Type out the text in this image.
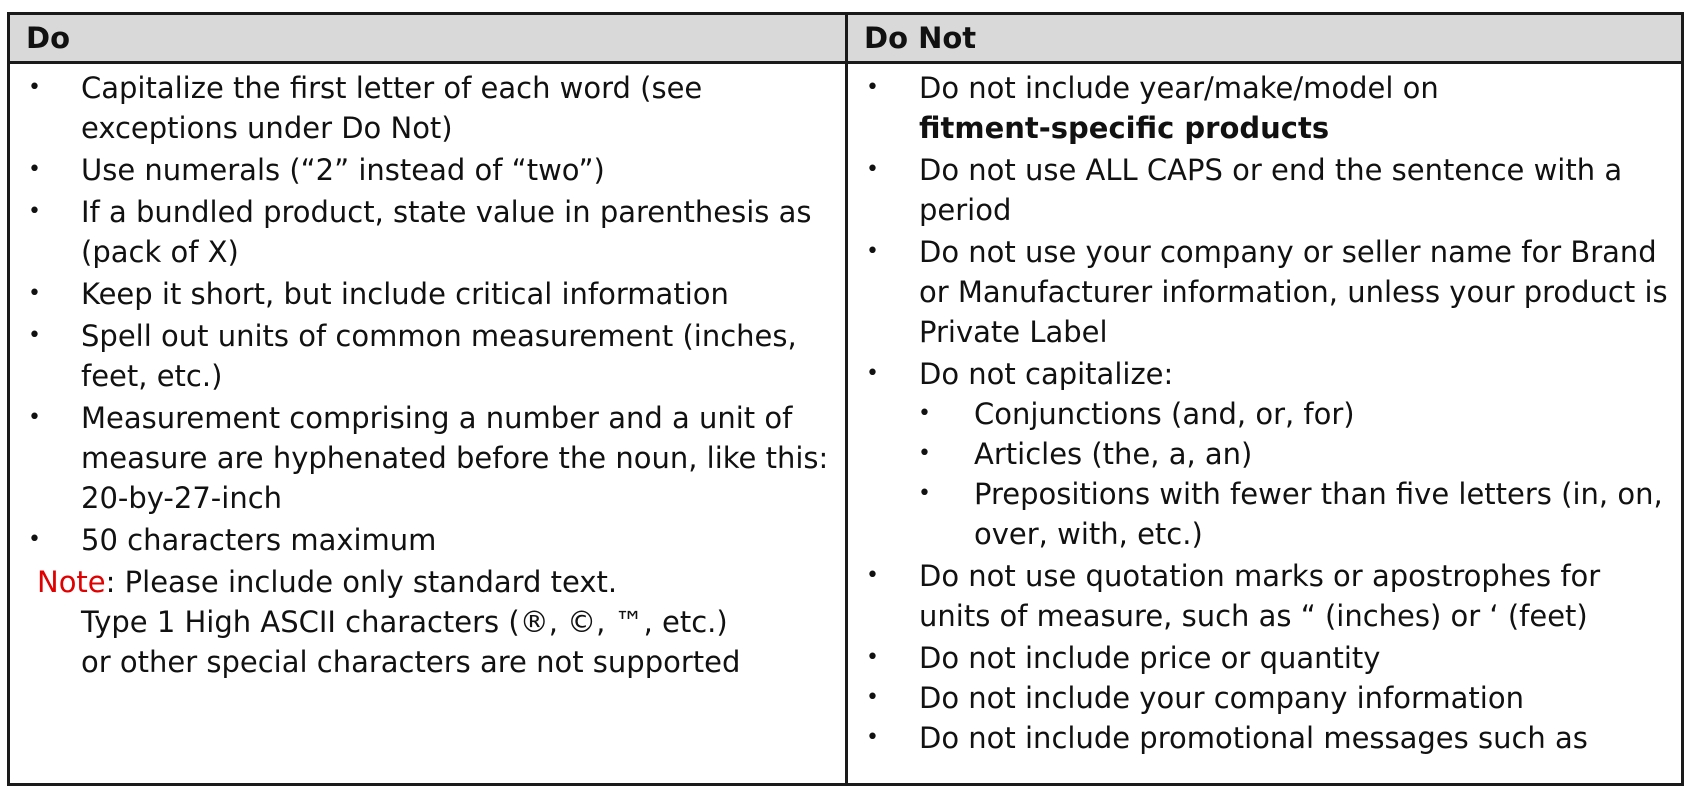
Do	Do Not
• Capitalize the first letter of each word (see exceptions under Do Not)
• Use numerals (“2” instead of “two”)
• If a bundled product, state value in parenthesis as (pack of X)
• Keep it short, but include critical information
• Spell out units of common measurement (inches, feet, etc.)
• Measurement comprising a number and a unit of measure are hyphenated before the noun, like this:    20-by-27-inch
• 50 characters maximum
Note: Please include only standard text.
Type 1 High ASCII characters (®, ©, ™, etc.)
or other special characters are not supported
• Do not include year/make/model on
fitment-specific products
• Do not use ALL CAPS or end the sentence with a period
• Do not use your company or seller name for Brand or Manufacturer information, unless your product is Private Label
• Do not capitalize:
• Conjunctions (and, or, for)
• Articles (the, a, an)
• Prepositions with fewer than five letters (in, on, over, with, etc.)
• Do not use quotation marks or apostrophes for units of measure, such as “ (inches) or ‘ (feet)
• Do not include price or quantity
• Do not include your company information
• Do not include promotional messages such as
